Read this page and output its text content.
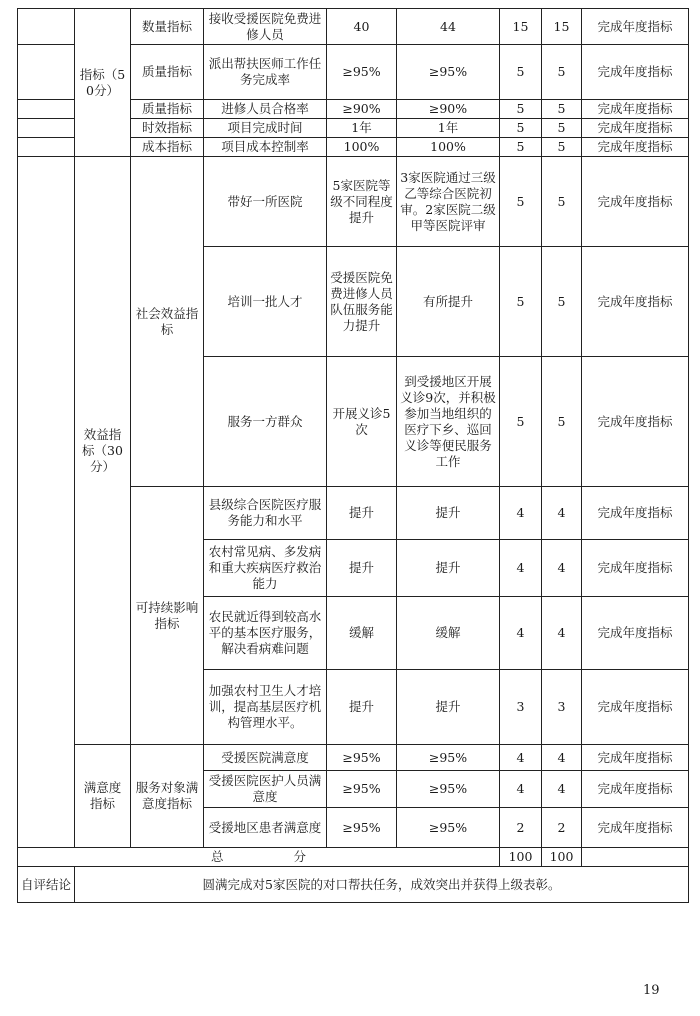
	指标（50分）	数量指标	接收受援医院免费进修人员	40	44	15	15	完成年度指标
		质量指标	派出帮扶医师工作任务完成率	≥95%	≥95%	5	5	完成年度指标
		质量指标	进修人员合格率	≥90%	≥90%	5	5	完成年度指标
		时效指标	项目完成时间	1年	1年	5	5	完成年度指标
		成本指标	项目成本控制率	100%	100%	5	5	完成年度指标
	效益指标（30分）	社会效益指标	带好一所医院	5家医院等级不同程度提升	3家医院通过三级乙等综合医院初审。2家医院二级甲等医院评审	5	5	完成年度指标
			培训一批人才	受援医院免费进修人员队伍服务能力提升	有所提升	5	5	完成年度指标
			服务一方群众	开展义诊5次	到受援地区开展义诊9次，并积极参加当地组织的医疗下乡、巡回义诊等便民服务工作	5	5	完成年度指标
		可持续影响指标	县级综合医院医疗服务能力和水平	提升	提升	4	4	完成年度指标
			农村常见病、多发病和重大疾病医疗救治能力	提升	提升	4	4	完成年度指标
			农民就近得到较高水平的基本医疗服务，解决看病难问题	缓解	缓解	4	4	完成年度指标
			加强农村卫生人才培训，提高基层医疗机构管理水平。	提升	提升	3	3	完成年度指标
	满意度指标	服务对象满意度指标	受援医院满意度	≥95%	≥95%	4	4	完成年度指标
			受援医院医护人员满意度	≥95%	≥95%	4	4	完成年度指标
			受援地区患者满意度	≥95%	≥95%	2	2	完成年度指标
总 分						100	100	
自评结论	圆满完成对5家医院的对口帮扶任务，成效突出并获得上级表彰。							
19
